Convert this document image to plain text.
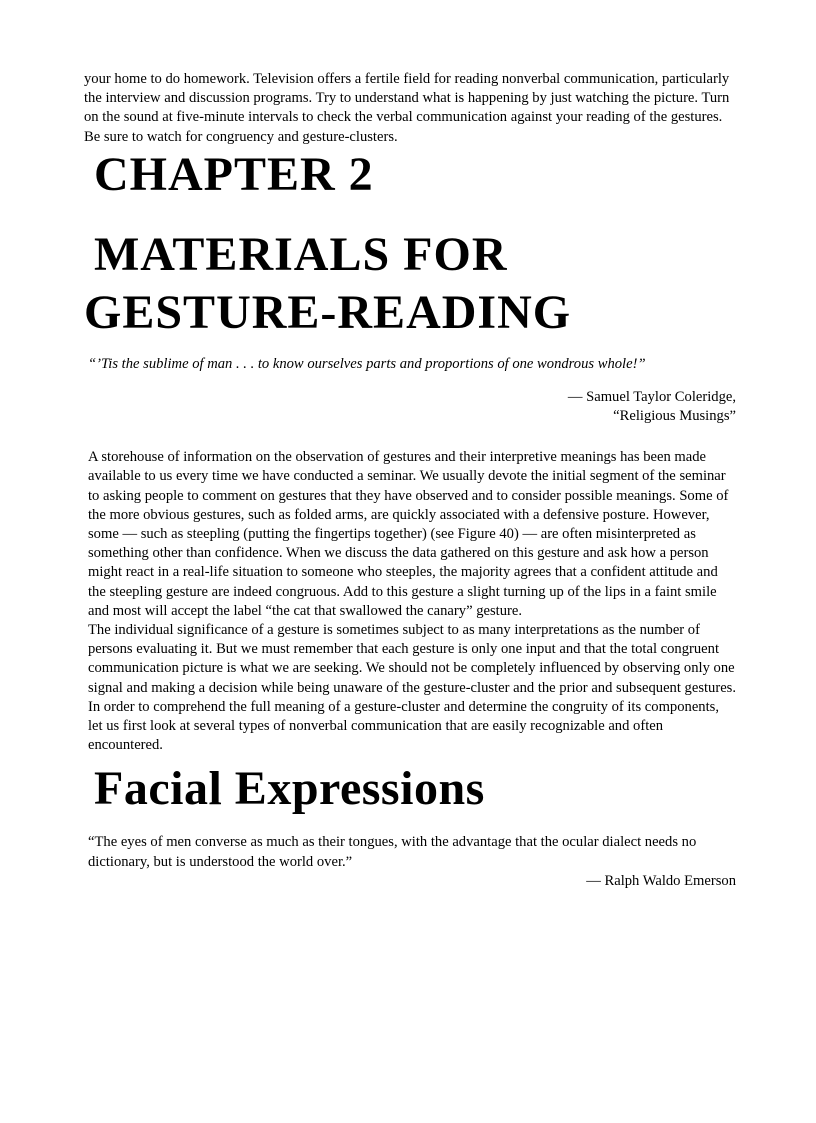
your home to do homework. Television offers a fertile field for reading nonverbal communication, particularly the interview and discussion programs. Try to understand what is happening by just watching the picture. Turn on the sound at five-minute intervals to check the verbal communication against your reading of the gestures. Be sure to watch for congruency and gesture-clusters.

CHAPTER 2
MATERIALS FOR
GESTURE-READING

“’Tis the sublime of man . . . to know ourselves parts and proportions of one wondrous whole!”

— Samuel Taylor Coleridge,

“Religious Musings”

A storehouse of information on the observation of gestures and their interpretive meanings has been made available to us every time we have conducted a seminar. We usually devote the initial segment of the seminar to asking people to comment on gestures that they have observed and to consider possible meanings. Some of the more obvious gestures, such as folded arms, are quickly associated with a defensive posture. However, some — such as steepling (putting the fingertips together) (see Figure 40) — are often misinterpreted as something other than confidence. When we discuss the data gathered on this gesture and ask how a person might react in a real-life situation to someone who steeples, the majority agrees that a confident attitude and the steepling gesture are indeed congruous. Add to this gesture a slight turning up of the lips in a faint smile and most will accept the label “the cat that swallowed the canary” gesture.

The individual significance of a gesture is sometimes subject to as many interpretations as the number of persons evaluating it. But we must remember that each gesture is only one input and that the total congruent communication picture is what we are seeking. We should not be completely influenced by observing only one signal and making a decision while being unaware of the gesture-cluster and the prior and subsequent gestures.

In order to comprehend the full meaning of a gesture-cluster and determine the congruity of its components, let us first look at several types of nonverbal communication that are easily recognizable and often encountered.

Facial Expressions

“The eyes of men converse as much as their tongues, with the advantage that the ocular dialect needs no dictionary, but is understood the world over.”

— Ralph Waldo Emerson
